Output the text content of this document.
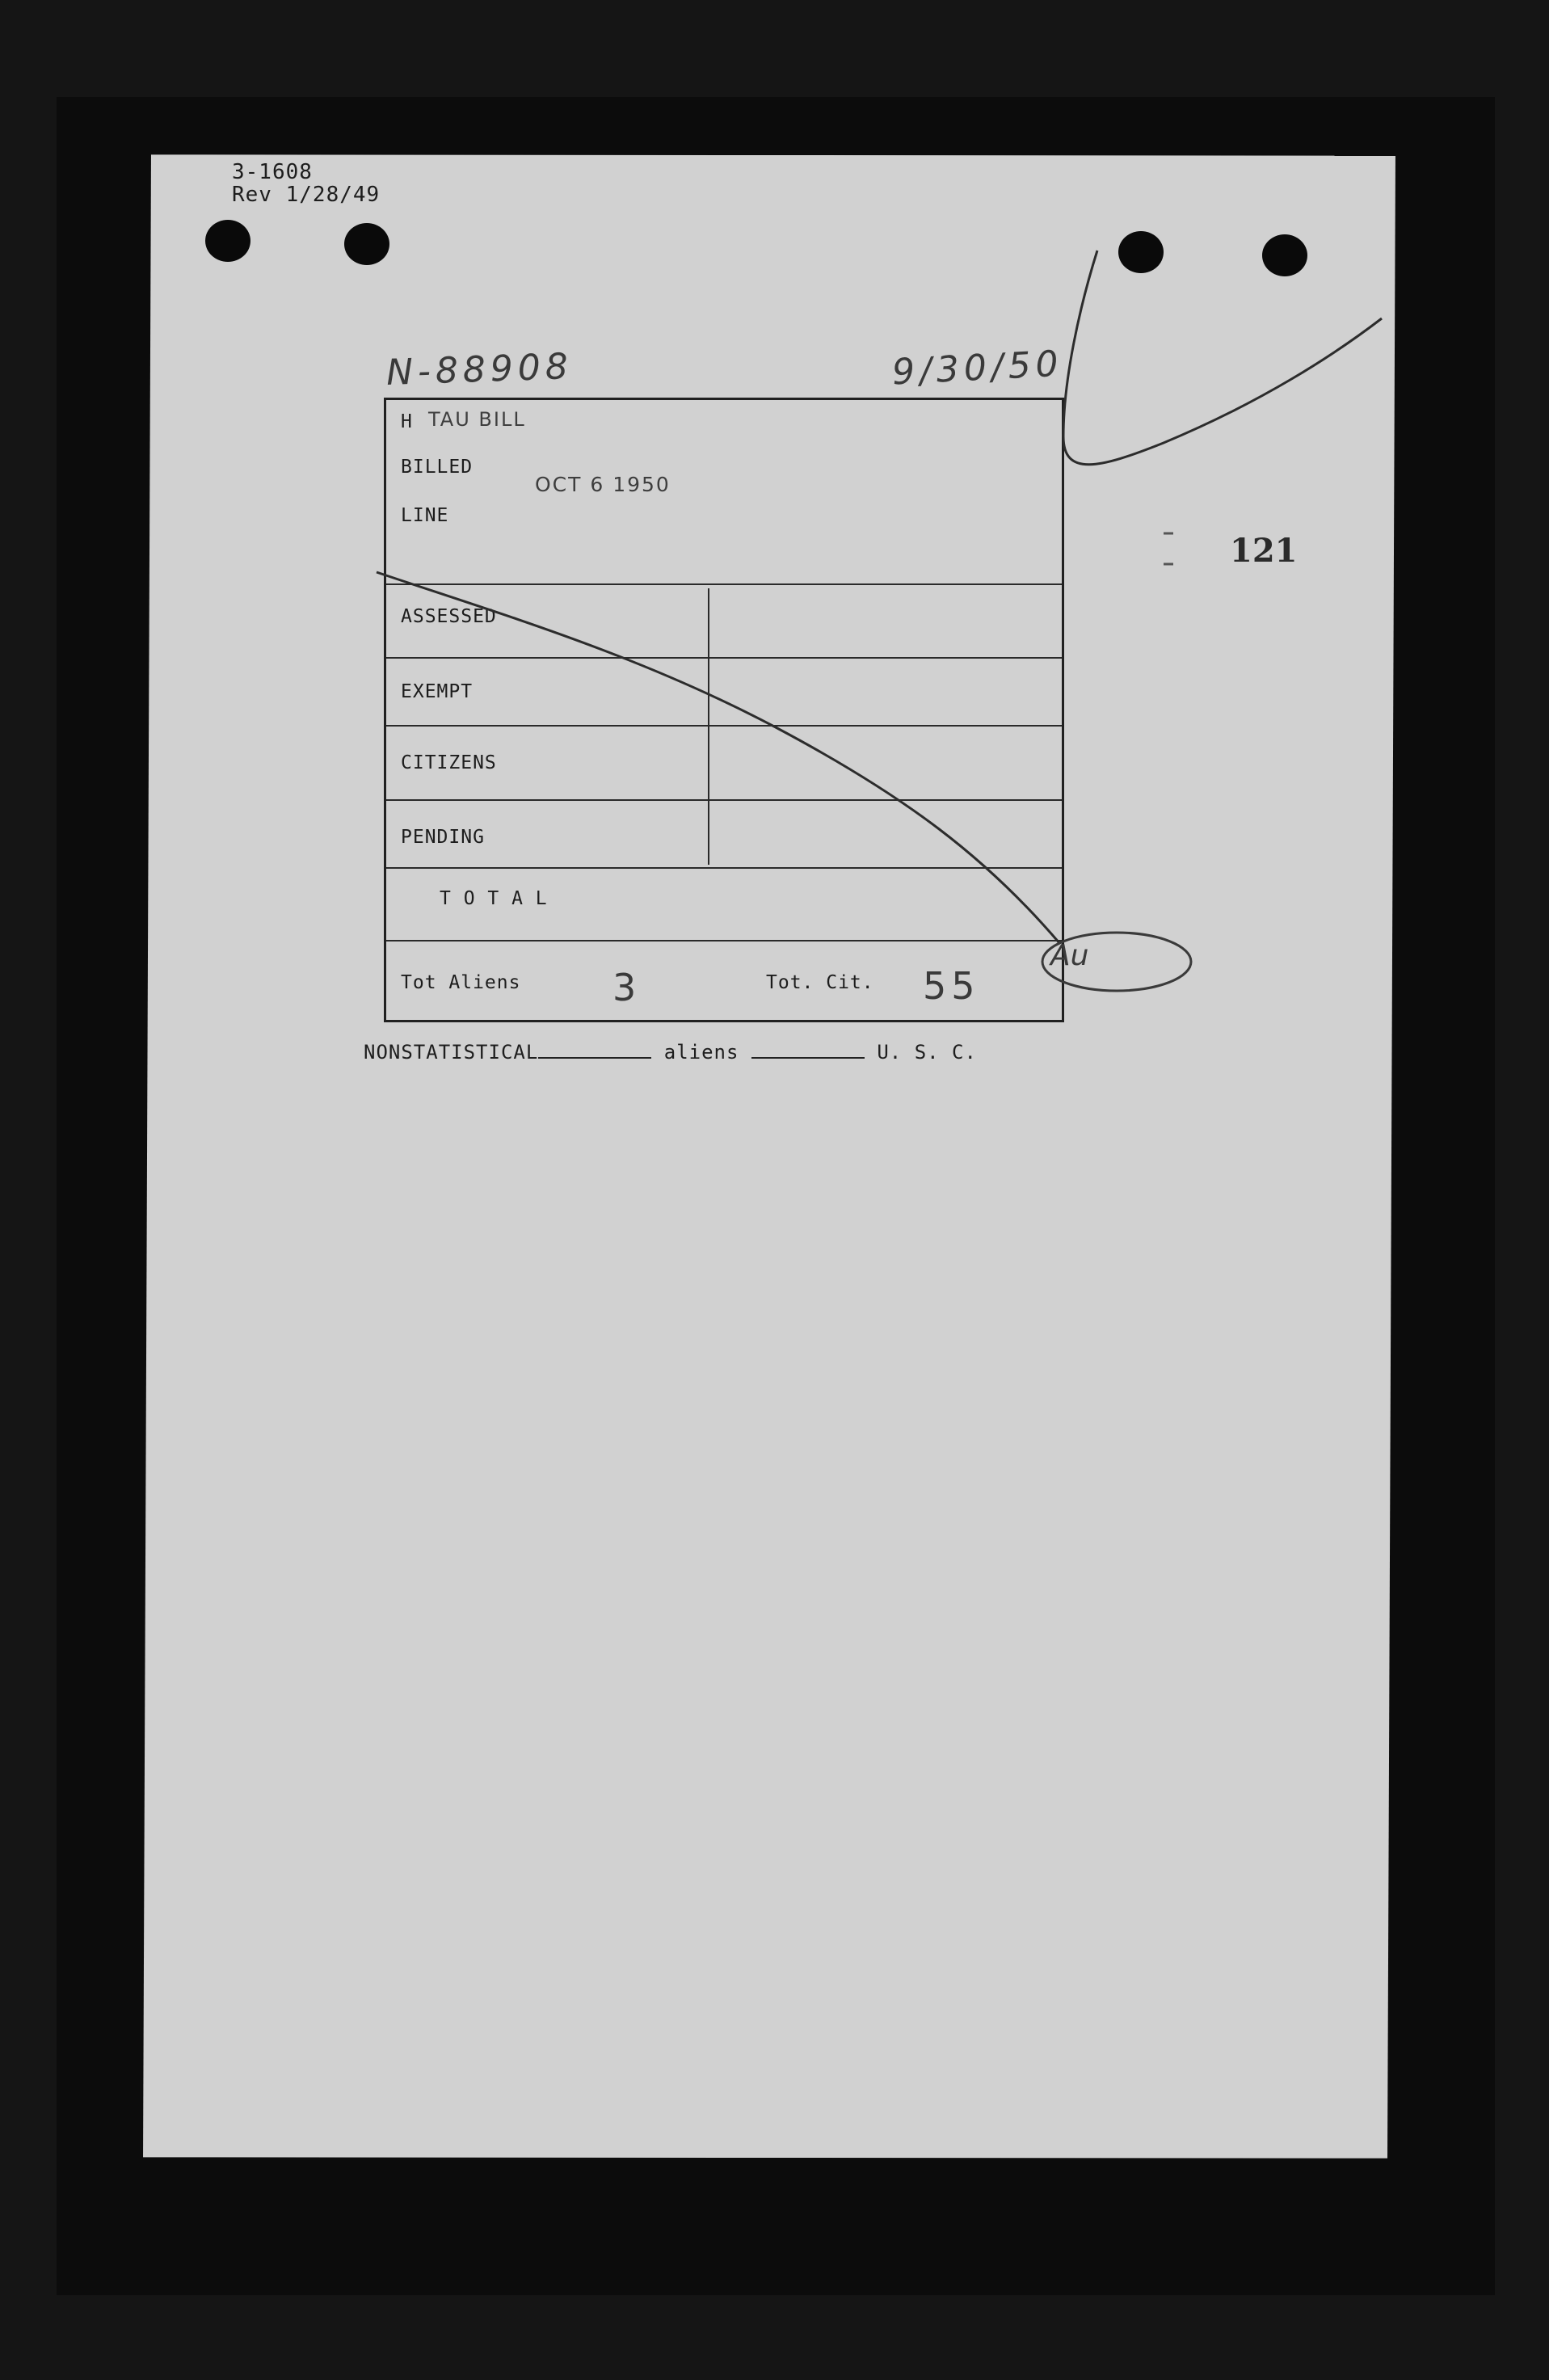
3-1608
Rev 1/28/49
N-88908	9/30/50
121
H TAU BILL
BILLED
OCT 6 1950
LINE
ASSESSED
EXEMPT
CITIZENS
PENDING
T O T A L
Tot Aliens 3	Tot. Cit. 55
Au
NONSTATISTICAL	aliens	U. S. C.
